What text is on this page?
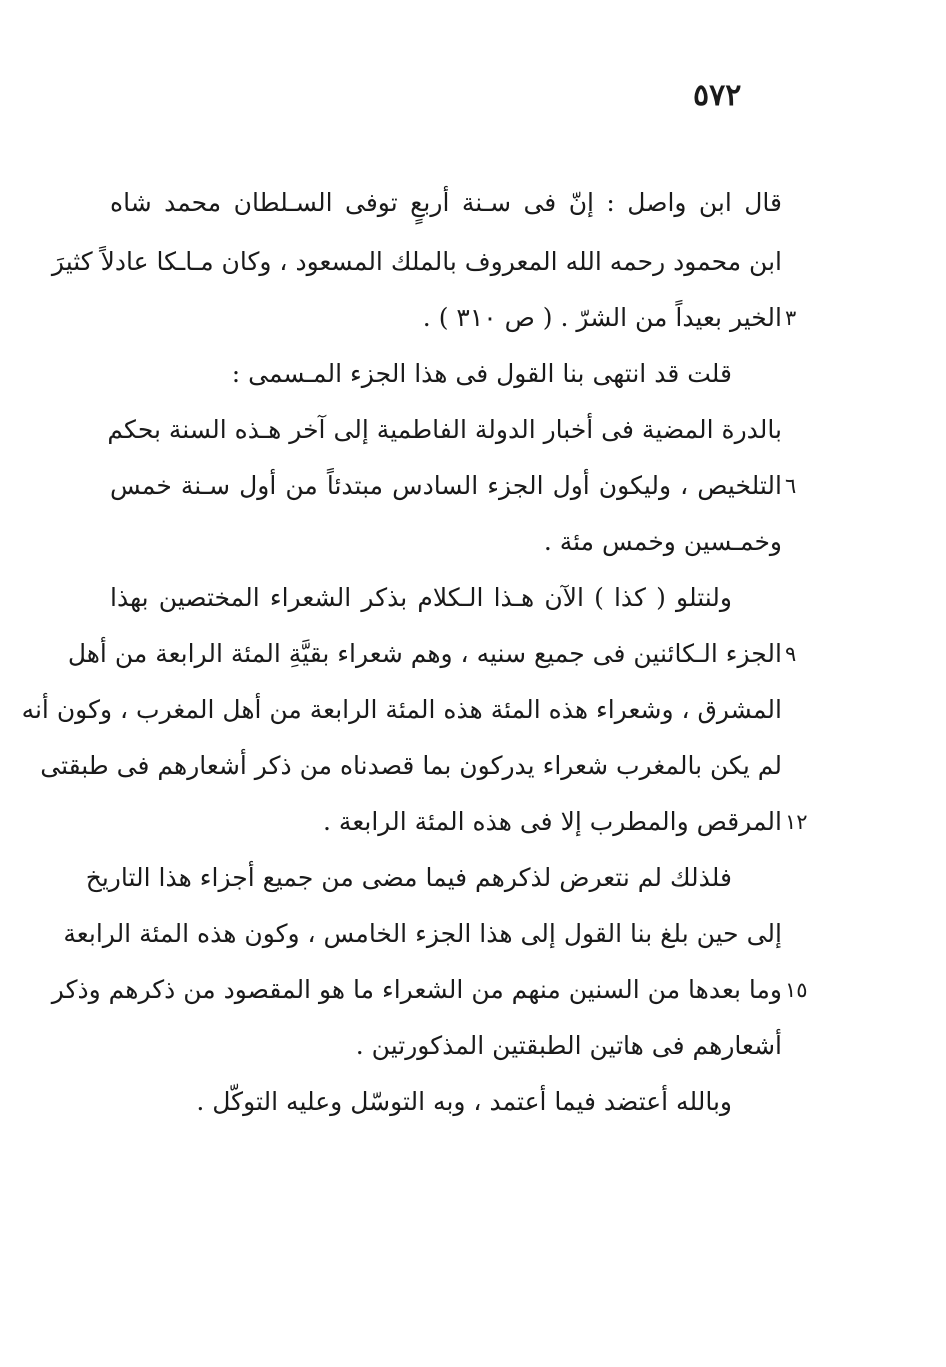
٥٧٢
قال ابن واصل : إنّ فى سـنة أربعٍ توفى السـلطان محمد شاه
ابن محمود رحمه الله المعروف بالملك المسعود ، وكان مـاـكا عادلاً كثيرَ
الخير بعيداً من الشرّ . ( ص ٣١٠ ) .
قلت قد انتهى بنا القول فى هذا الجزء المـسمى :
بالدرة المضية فى أخبار الدولة الفاطمية إلى آخر هـذه السنة بحكم
التلخيص ، وليكون أول الجزء السادس مبتدئاً من أول سـنة خمس
وخمـسين وخمس مئة .
ولنتلو ( كذا ) الآن هـذا الـكلام بذكر الشعراء المختصين بهذا
الجزء الـكائنين فى جميع سنيه ، وهم شعراء بقيَّةِ المئة الرابعة من أهل
المشرق ، وشعراء هذه المئة هذه المئة الرابعة من أهل المغرب ، وكون أنه
لم يكن بالمغرب شعراء يدركون بما قصدناه من ذكر أشعارهم فى طبقتى
المرقص والمطرب إلا فى هذه المئة الرابعة .
فلذلك لم نتعرض لذكرهم فيما مضى من جميع أجزاء هذا التاريخ
إلى حين بلغ بنا القول إلى هذا الجزء الخامس ، وكون هذه المئة الرابعة
وما بعدها من السنين منهم من الشعراء ما هو المقصود من ذكرهم وذكر
أشعارهم فى هاتين الطبقتين المذكورتين .
وبالله أعتضد فيما أعتمد ، وبه التوسّل وعليه التوكّل .
٣
٦
٩
١٢
١٥
